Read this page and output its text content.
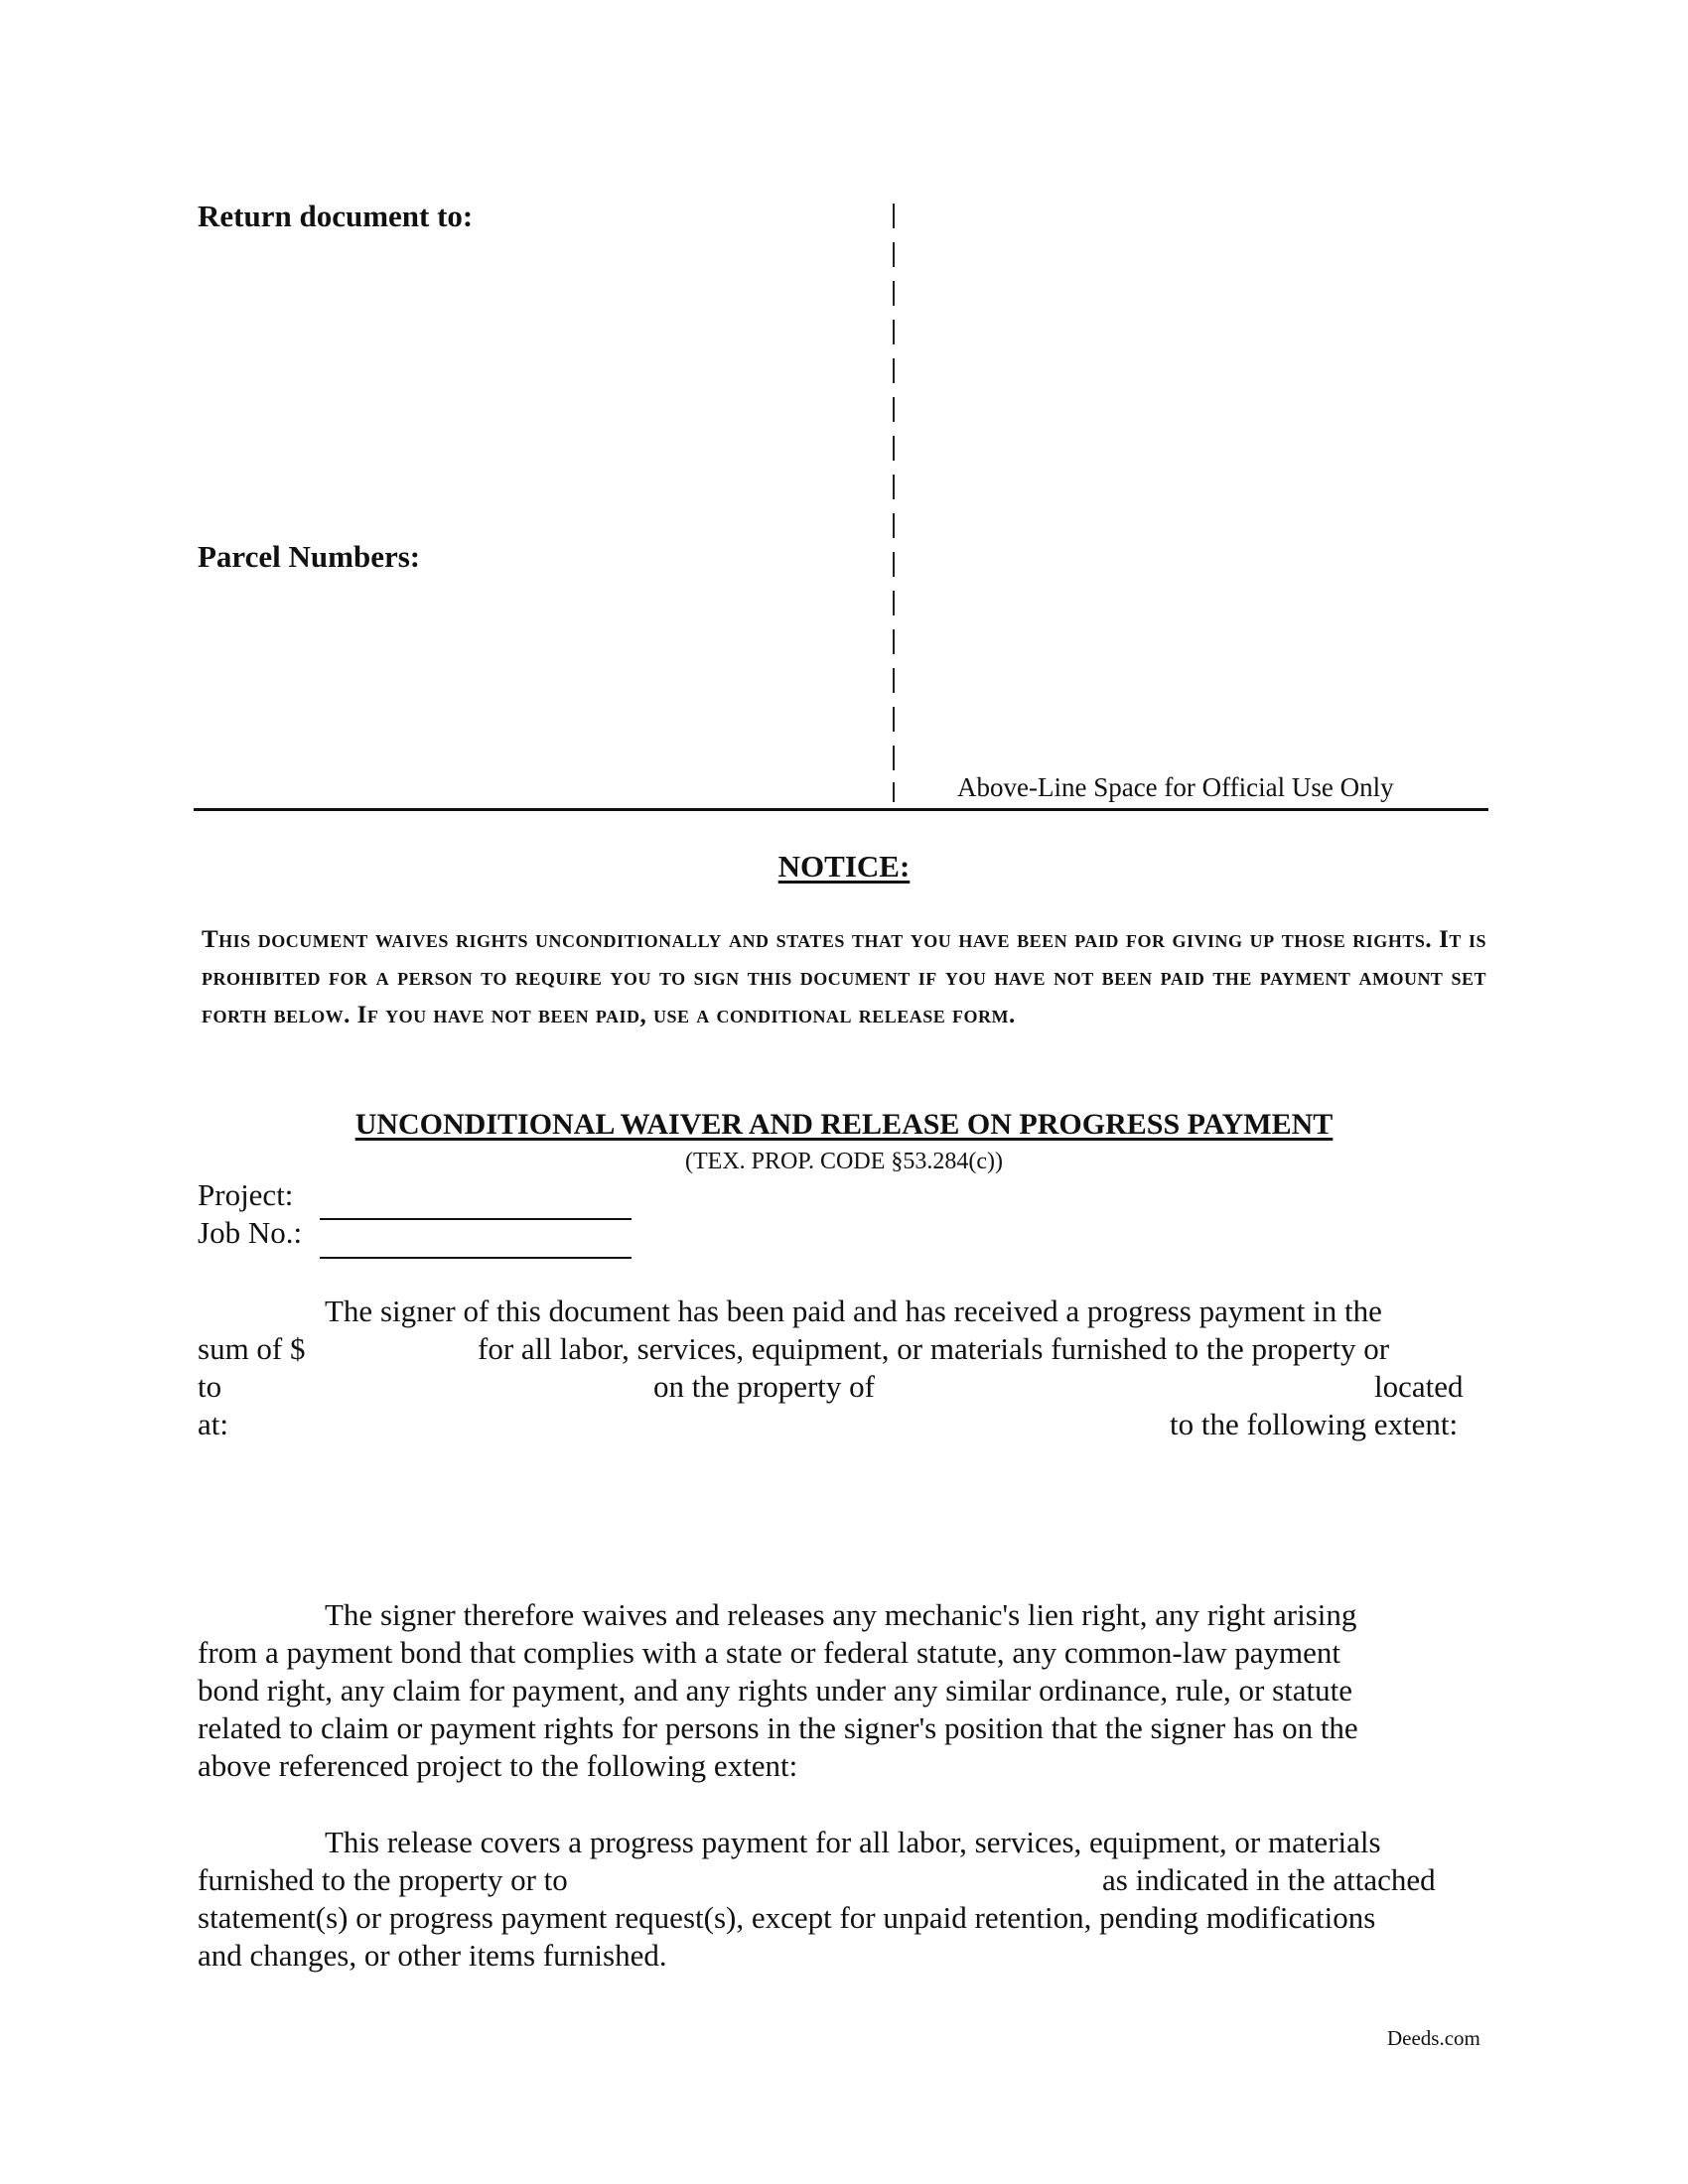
Return document to:
Parcel Numbers:
Above-Line Space for Official Use Only
NOTICE:
This document waives rights unconditionally and states that you have been paid for giving up those rights. It is prohibited for a person to require you to sign this document if you have not been paid the payment amount set forth below. If you have not been paid, use a conditional release form.
UNCONDITIONAL WAIVER AND RELEASE ON PROGRESS PAYMENT
(TEX. PROP. CODE §53.284(c))
Project:
Job No.:
The signer of this document has been paid and has received a progress payment in the
sum of $	for all labor, services, equipment, or materials furnished to the property or
to	on the property of	located
at:	to the following extent:
The signer therefore waives and releases any mechanic's lien right, any right arising
from a payment bond that complies with a state or federal statute, any common-law payment
bond right, any claim for payment, and any rights under any similar ordinance, rule, or statute
related to claim or payment rights for persons in the signer's position that the signer has on the
above referenced project to the following extent:
This release covers a progress payment for all labor, services, equipment, or materials
furnished to the property or to	as indicated in the attached
statement(s) or progress payment request(s), except for unpaid retention, pending modifications
and changes, or other items furnished.
Deeds.com
